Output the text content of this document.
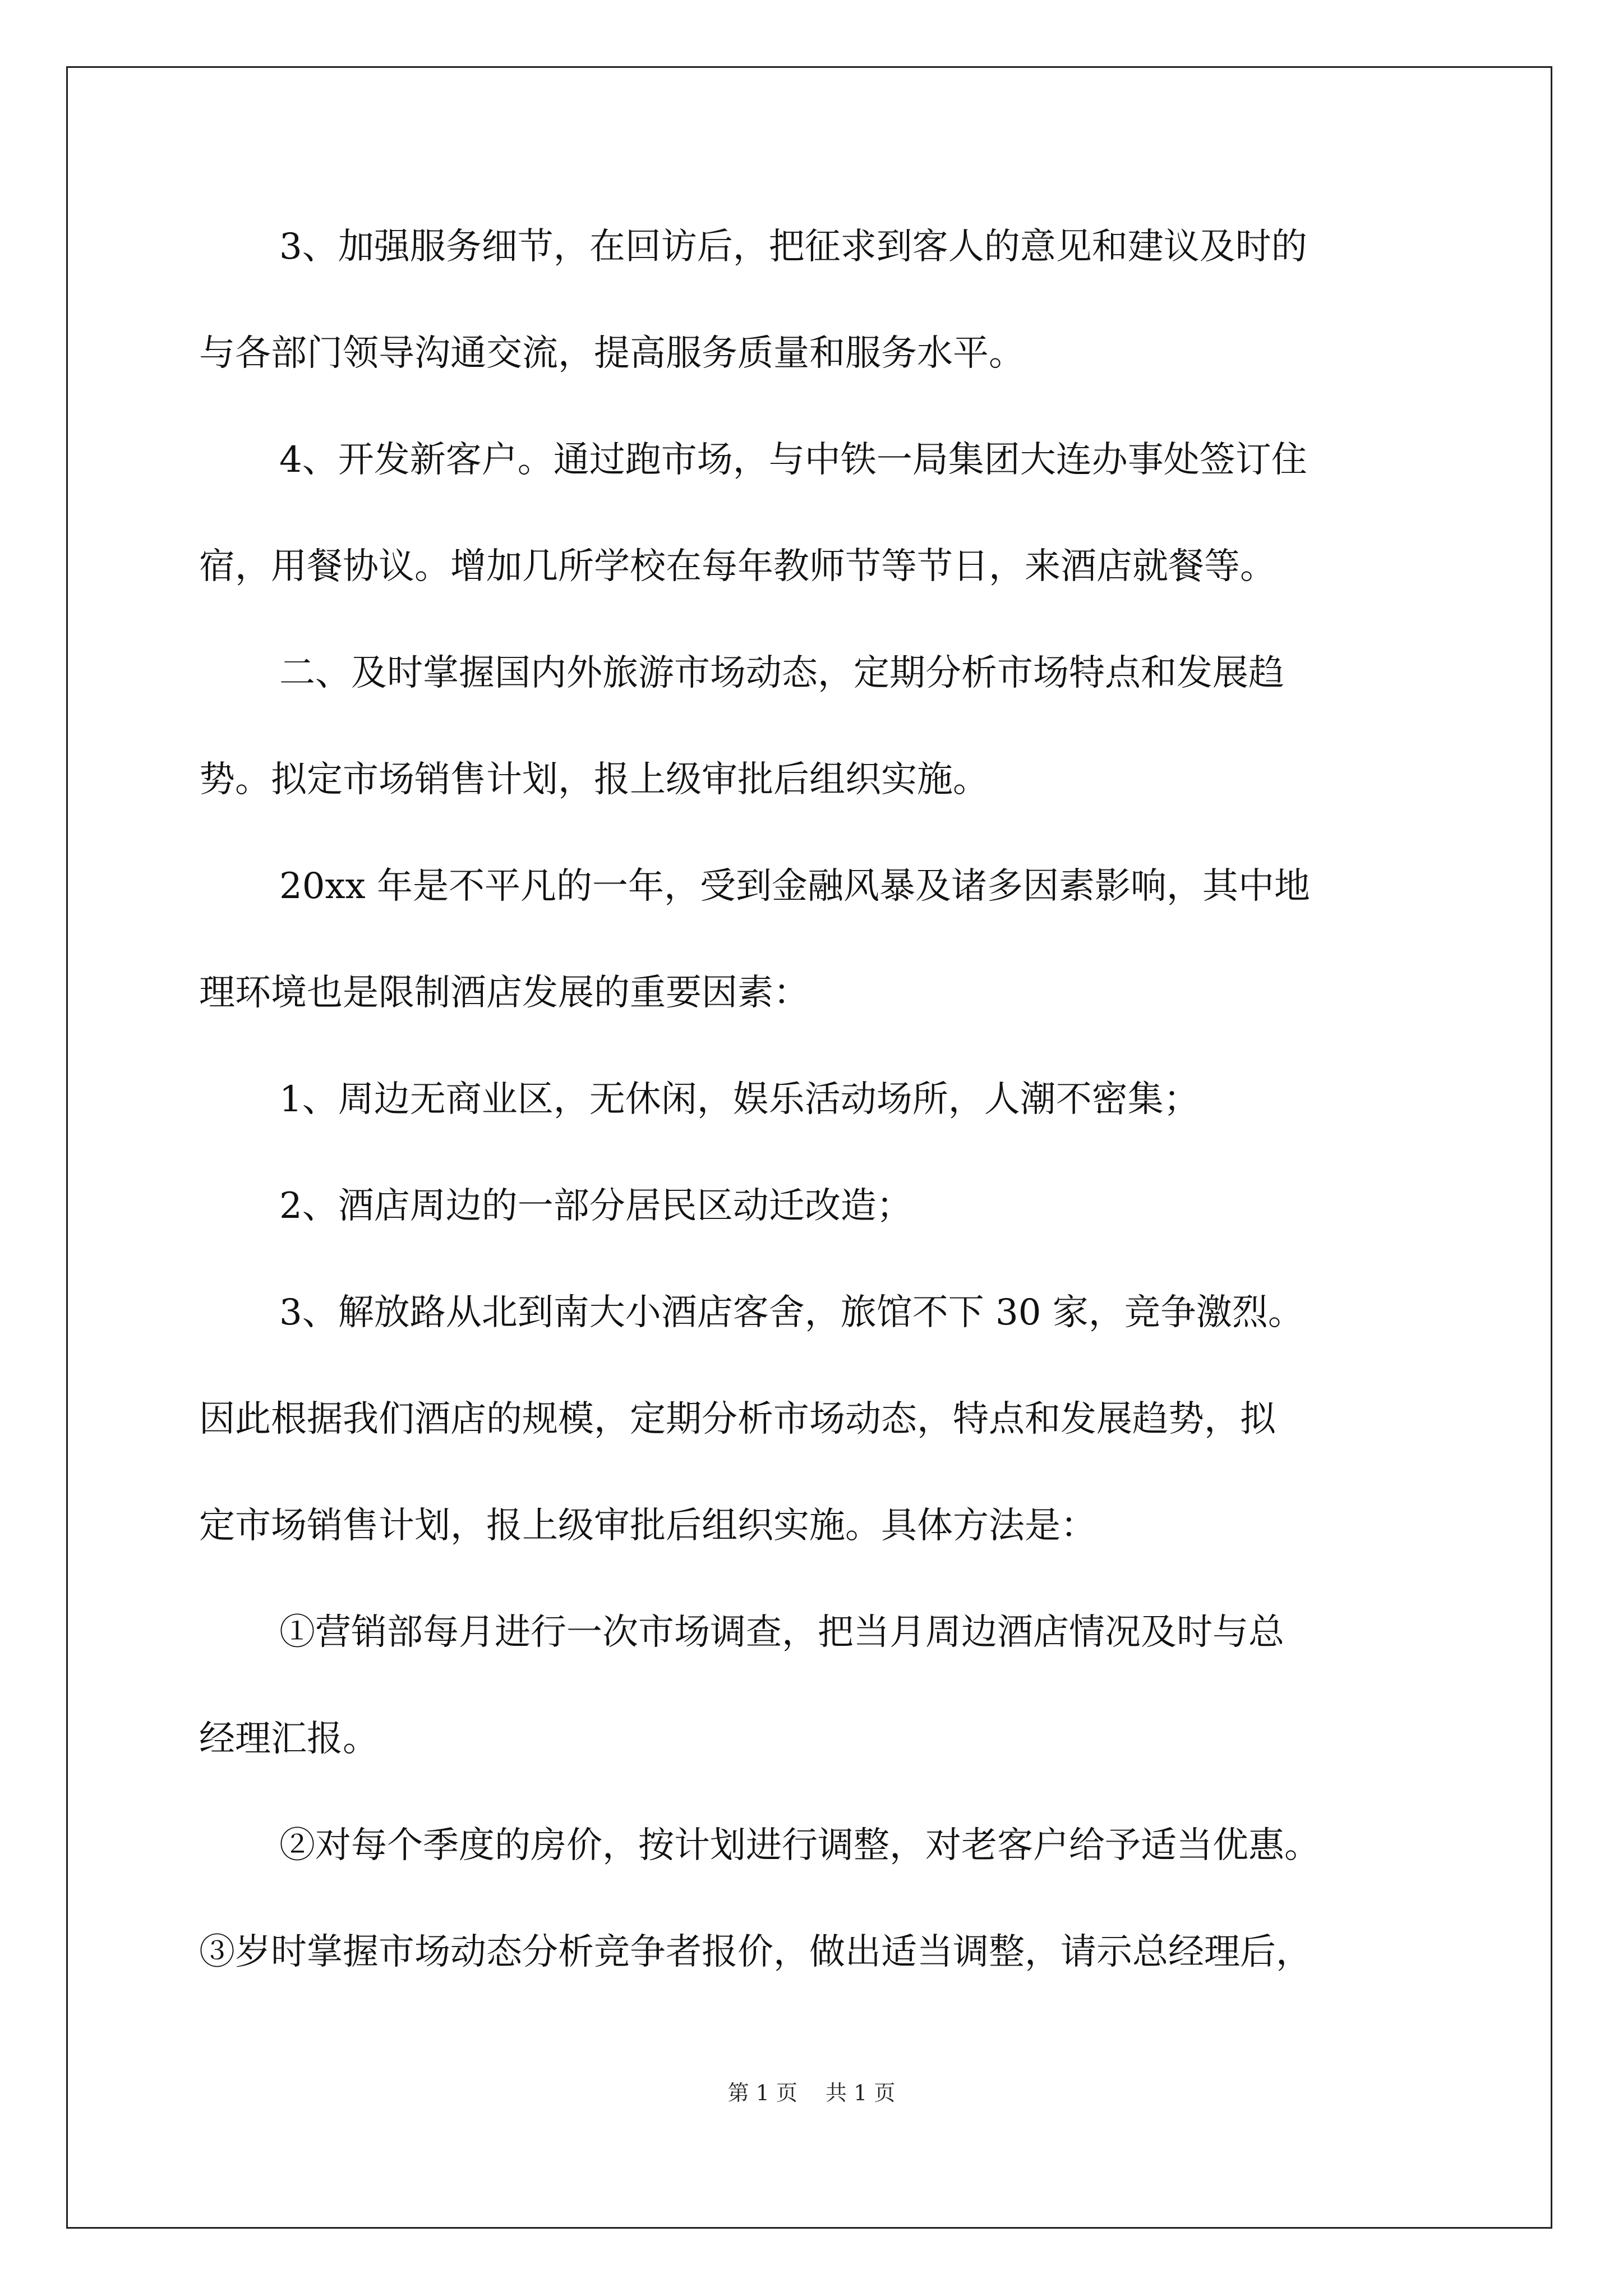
3、加强服务细节，在回访后，把征求到客人的意见和建议及时的
与各部门领导沟通交流，提高服务质量和服务水平。
4、开发新客户。通过跑市场，与中铁一局集团大连办事处签订住
宿，用餐协议。增加几所学校在每年教师节等节日，来酒店就餐等。
二、及时掌握国内外旅游市场动态，定期分析市场特点和发展趋
势。拟定市场销售计划，报上级审批后组织实施。
20xx 年是不平凡的一年，受到金融风暴及诸多因素影响，其中地
理环境也是限制酒店发展的重要因素：
1、周边无商业区，无休闲，娱乐活动场所，人潮不密集；
2、酒店周边的一部分居民区动迁改造；
3、解放路从北到南大小酒店客舍，旅馆不下 30 家，竞争激烈。
因此根据我们酒店的规模，定期分析市场动态，特点和发展趋势，拟
定市场销售计划，报上级审批后组织实施。具体方法是：
①营销部每月进行一次市场调查，把当月周边酒店情况及时与总
经理汇报。
②对每个季度的房价，按计划进行调整，对老客户给予适当优惠。
③岁时掌握市场动态分析竞争者报价，做出适当调整，请示总经理后，
第 1 页　 共 1 页
